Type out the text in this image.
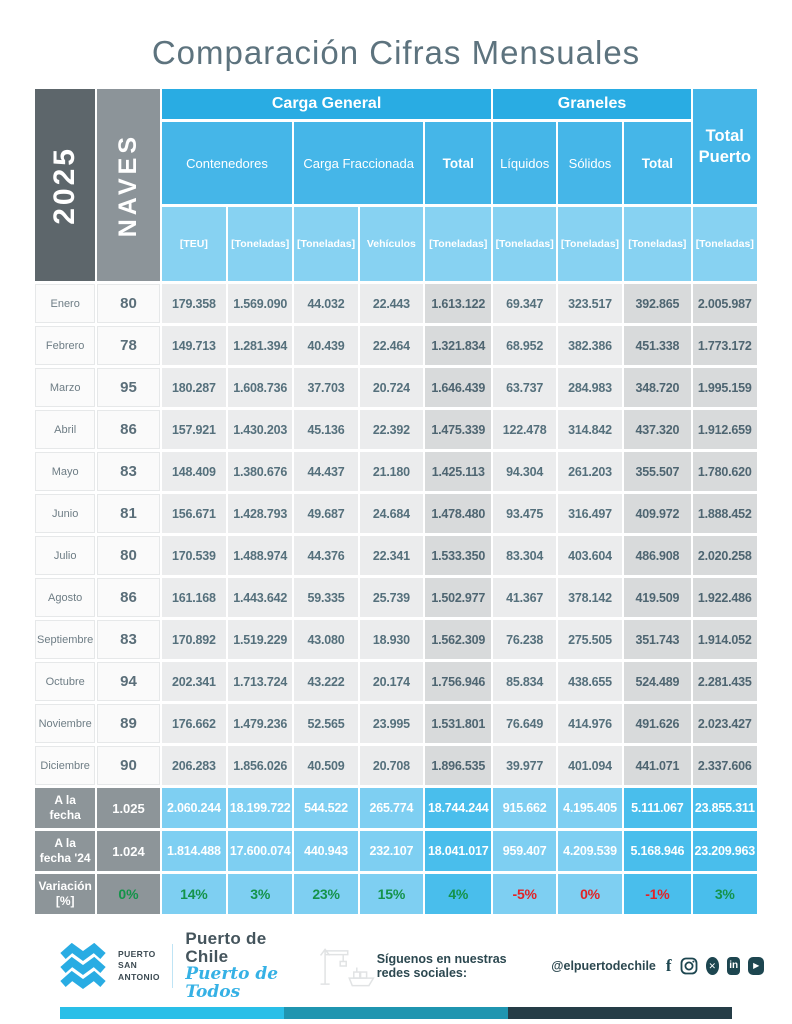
Comparación Cifras Mensuales
2025	NAVES	Carga General					Graneles			Total Puerto
		Contenedores		Carga Fraccionada		Total	Líquidos	Sólidos	Total	
		[TEU]	[Toneladas]	[Toneladas]	Vehículos	[Toneladas]	[Toneladas]	[Toneladas]	[Toneladas]	[Toneladas]
Enero	80	179.358	1.569.090	44.032	22.443	1.613.122	69.347	323.517	392.865	2.005.987
Febrero	78	149.713	1.281.394	40.439	22.464	1.321.834	68.952	382.386	451.338	1.773.172
Marzo	95	180.287	1.608.736	37.703	20.724	1.646.439	63.737	284.983	348.720	1.995.159
Abril	86	157.921	1.430.203	45.136	22.392	1.475.339	122.478	314.842	437.320	1.912.659
Mayo	83	148.409	1.380.676	44.437	21.180	1.425.113	94.304	261.203	355.507	1.780.620
Junio	81	156.671	1.428.793	49.687	24.684	1.478.480	93.475	316.497	409.972	1.888.452
Julio	80	170.539	1.488.974	44.376	22.341	1.533.350	83.304	403.604	486.908	2.020.258
Agosto	86	161.168	1.443.642	59.335	25.739	1.502.977	41.367	378.142	419.509	1.922.486
Septiembre	83	170.892	1.519.229	43.080	18.930	1.562.309	76.238	275.505	351.743	1.914.052
Octubre	94	202.341	1.713.724	43.222	20.174	1.756.946	85.834	438.655	524.489	2.281.435
Noviembre	89	176.662	1.479.236	52.565	23.995	1.531.801	76.649	414.976	491.626	2.023.427
Diciembre	90	206.283	1.856.026	40.509	20.708	1.896.535	39.977	401.094	441.071	2.337.606

A la
fecha	1.025	2.060.244	18.199.722	544.522	265.774	18.744.244	915.662	4.195.405	5.111.067	23.855.311

A la
fecha '24	1.024	1.814.488	17.600.074	440.943	232.107	18.041.017	959.407	4.209.539	5.168.946	23.209.963

Variación
[%]	0%	14%	3%	23%	15%	4%	-5%	0%	-1%	3%
PUERTO
SAN
ANTONIO
Puerto de Chile
Puerto de Todos
Síguenos en nuestras redes sociales:	@elpuertodechile f	✕ in	▶
